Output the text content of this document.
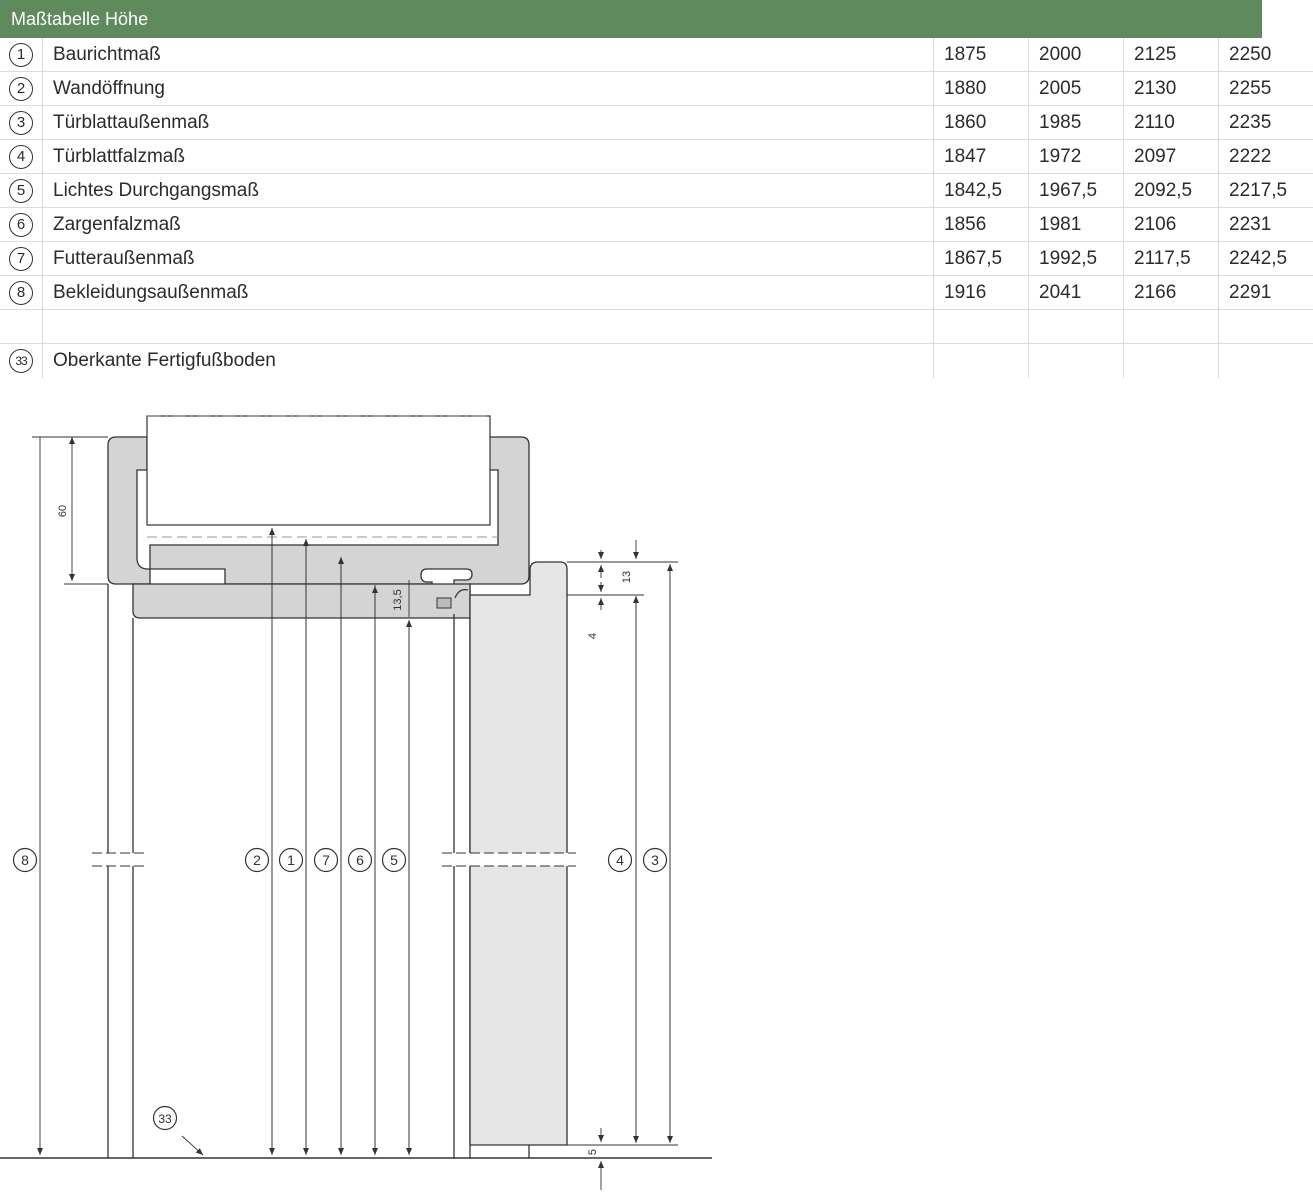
Maßtabelle Höhe
1	Baurichtmaß	1875	2000	2125	2250
2	Wandöffnung	1880	2005	2130	2255
3	Türblattaußenmaß	1860	1985	2110	2235
4	Türblattfalzmaß	1847	1972	2097	2222
5	Lichtes Durchgangsmaß	1842,5	1967,5	2092,5	2217,5
6	Zargenfalzmaß	1856	1981	2106	2231
7	Futteraußenmaß	1867,5	1992,5	2117,5	2242,5
8	Bekleidungsaußenmaß	1916	2041	2166	2291

33	Oberkante Fertigfußboden				
60
13,5
13
4
5
8	2 1 7 6 5	4 3
33
